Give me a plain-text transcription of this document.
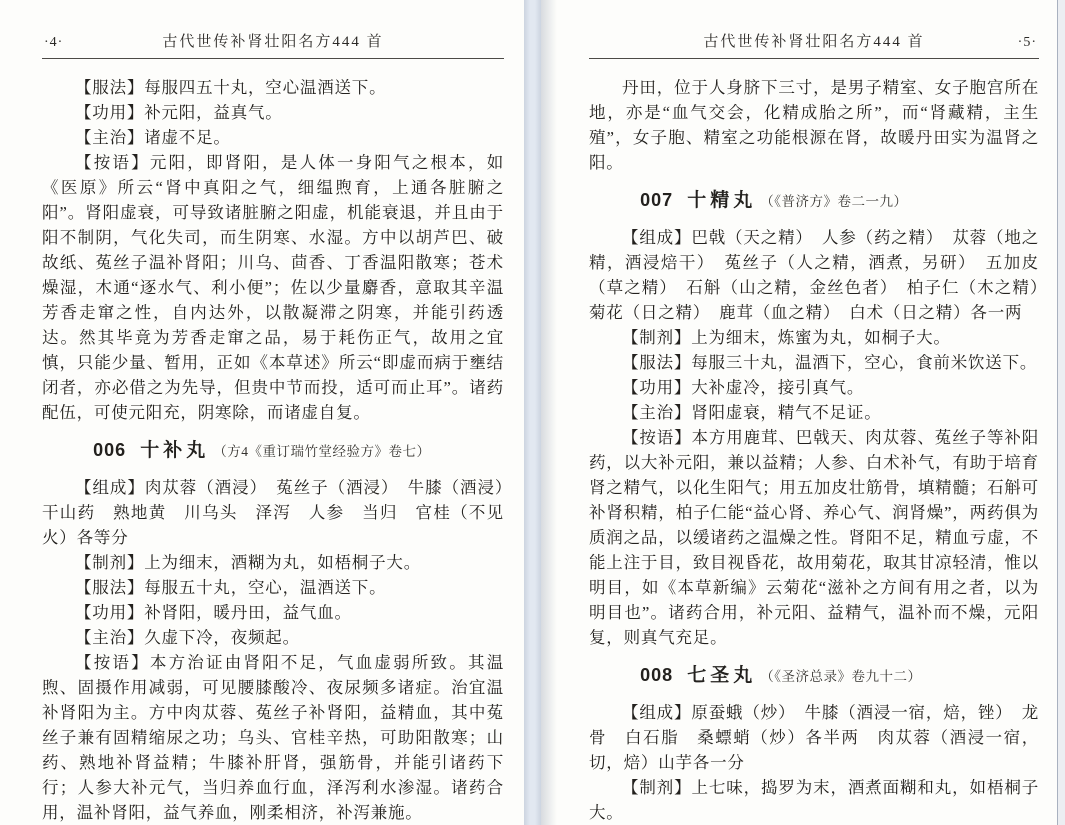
·4·	古代世传补肾壮阳名方444 首

【服法】每服四五十丸，空心温酒送下。

【功用】补元阳，益真气。

【主治】诸虚不足。

【按语】元阳，即肾阳，是人体一身阳气之根本，如《医原》所云“肾中真阳之气，细缊煦育，上通各脏腑之阳”。肾阳虚衰，可导致诸脏腑之阳虚，机能衰退，并且由于阳不制阴，气化失司，而生阴寒、水湿。方中以胡芦巴、破故纸、菟丝子温补肾阳；川乌、茴香、丁香温阳散寒；苍术燥湿，木通“逐水气、利小便”；佐以少量麝香，意取其辛温芳香走窜之性，自内达外，以散凝滞之阴寒，并能引药透达。然其毕竟为芳香走窜之品，易于耗伤正气，故用之宜慎，只能少量、暂用，正如《本草述》所云“即虚而病于壅结闭者，亦必借之为先导，但贵中节而投，适可而止耳”。诸药配伍，可使元阳充，阴寒除，而诸虚自复。

006 十补丸 （方4《重订瑞竹堂经验方》卷七）

【组成】肉苁蓉（酒浸）　菟丝子（酒浸）　牛膝（酒浸）　干山药　熟地黄　川乌头　泽泻　人参　当归　官桂（不见火）各等分

【制剂】上为细末，酒糊为丸，如梧桐子大。

【服法】每服五十丸，空心，温酒送下。

【功用】补肾阳，暖丹田，益气血。

【主治】久虚下冷，夜频起。

【按语】本方治证由肾阳不足，气血虚弱所致。其温煦、固摄作用减弱，可见腰膝酸冷、夜尿频多诸症。治宜温补肾阳为主。方中肉苁蓉、菟丝子补肾阳，益精血，其中菟丝子兼有固精缩尿之功；乌头、官桂辛热，可助阳散寒；山药、熟地补肾益精；牛膝补肝肾，强筋骨，并能引诸药下行；人参大补元气，当归养血行血，泽泻利水渗湿。诸药合用，温补肾阳，益气养血，刚柔相济，补泻兼施。

古代世传补肾壮阳名方444 首	·5·

丹田，位于人身脐下三寸，是男子精室、女子胞宫所在地，亦是“血气交会，化精成胎之所”，而“肾藏精，主生殖”，女子胞、精室之功能根源在肾，故暖丹田实为温肾之阳。

007 十精丸 （《普济方》卷二一九）

【组成】巴戟（天之精）　人参（药之精）　苁蓉（地之精，酒浸焙干）　菟丝子（人之精，酒煮，另研）　五加皮（草之精）　石斛（山之精，金丝色者）　柏子仁（木之精）　菊花（日之精）　鹿茸（血之精）　白术（日之精）各一两

【制剂】上为细末，炼蜜为丸，如桐子大。

【服法】每服三十丸，温酒下，空心，食前米饮送下。

【功用】大补虚冷，接引真气。

【主治】肾阳虚衰，精气不足证。

【按语】本方用鹿茸、巴戟天、肉苁蓉、菟丝子等补阳药，以大补元阳，兼以益精；人参、白术补气，有助于培育肾之精气，以化生阳气；用五加皮壮筋骨，填精髓；石斛可补肾积精，柏子仁能“益心肾、养心气、润肾燥”，两药俱为质润之品，以缓诸药之温燥之性。肾阳不足，精血亏虚，不能上注于目，致目视昏花，故用菊花，取其甘凉轻清，惟以明目，如《本草新编》云菊花“滋补之方间有用之者，以为明目也”。诸药合用，补元阳、益精气，温补而不燥，元阳复，则真气充足。

008 七圣丸 （《圣济总录》卷九十二）

【组成】原蚕蛾（炒）　牛膝（酒浸一宿，焙，锉）　龙骨　白石脂　桑螵蛸（炒）各半两　肉苁蓉（酒浸一宿，切，焙）山芋各一分

【制剂】上七味，捣罗为末，酒煮面糊和丸，如梧桐子大。
